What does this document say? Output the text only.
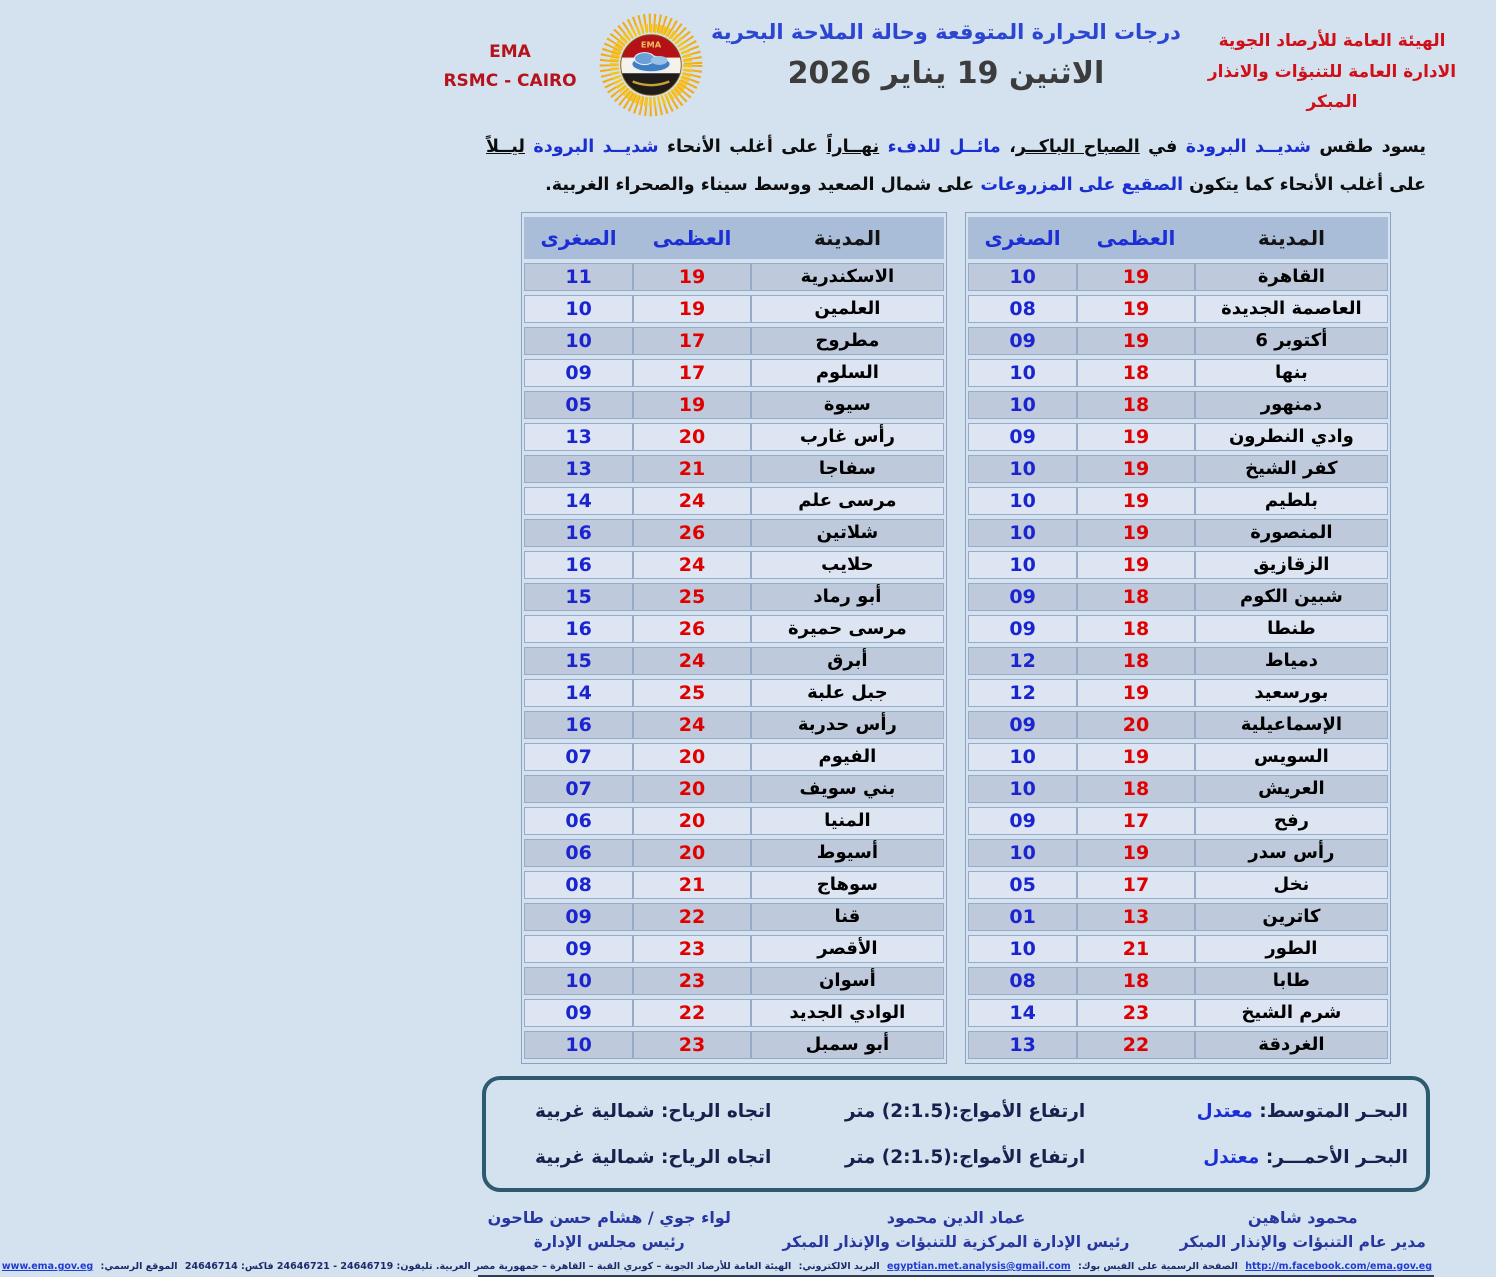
الهيئة العامة للأرصاد الجوية
الادارة العامة للتنبؤات والانذار المبكر
درجات الحرارة المتوقعة وحالة الملاحة البحرية
الاثنين 19 يناير 2026
EMA
EMA
RSMC - CAIRO
يسود طقس شديــد البرودة في الصباح الباكــر، مائــل للدفء نهــاراً على أغلب الأنحاء شديــد البرودة ليــلاً على أغلب الأنحاء كما يتكون الصقيع على المزروعات على شمال الصعيد ووسط سيناء والصحراء الغربية.
المدينة	العظمى	الصغرى
القاهرة	19	10
العاصمة الجديدة	19	08
6 أكتوبر	19	09
بنها	18	10
دمنهور	18	10
وادي النطرون	19	09
كفر الشيخ	19	10
بلطيم	19	10
المنصورة	19	10
الزقازيق	19	10
شبين الكوم	18	09
طنطا	18	09
دمياط	18	12
بورسعيد	19	12
الإسماعيلية	20	09
السويس	19	10
العريش	18	10
رفح	17	09
رأس سدر	19	10
نخل	17	05
كاترين	13	01
الطور	21	10
طابا	18	08
شرم الشيخ	23	14
الغردقة	22	13
المدينة	العظمى	الصغرى
الاسكندرية	19	11
العلمين	19	10
مطروح	17	10
السلوم	17	09
سيوة	19	05
رأس غارب	20	13
سفاجا	21	13
مرسى علم	24	14
شلاتين	26	16
حلايب	24	16
أبو رماد	25	15
مرسى حميرة	26	16
أبرق	24	15
جبل علبة	25	14
رأس حدربة	24	16
الفيوم	20	07
بني سويف	20	07
المنيا	20	06
أسيوط	20	06
سوهاج	21	08
قنا	22	09
الأقصر	23	09
أسوان	23	10
الوادي الجديد	22	09
أبو سمبل	23	10
البحـر المتوسط: معتدل
ارتفاع الأمواج:(2:1.5) متر
اتجاه الرياح: شمالية غربية
البحـر الأحمـــر: معتدل
ارتفاع الأمواج:(2:1.5) متر
اتجاه الرياح: شمالية غربية
محمود شاهين
مدير عام التنبؤات والإنذار المبكر
عماد الدين محمود
رئيس الإدارة المركزية للتنبؤات والإنذار المبكر
لواء جوي / هشام حسن طاحون
رئيس مجلس الإدارة
http://m.facebook.com/ema.gov.eg الصفحة الرسمية على الفيس بوك: egyptian.met.analysis@gmail.com البريد الالكتروني: الهيئة العامة للأرصاد الجوية – كوبري القبة – القاهرة – جمهورية مصر العربية. تليفون: 24646719 - 24646721 فاكس: 24646714 الموقع الرسمي: www.ema.gov.eg
